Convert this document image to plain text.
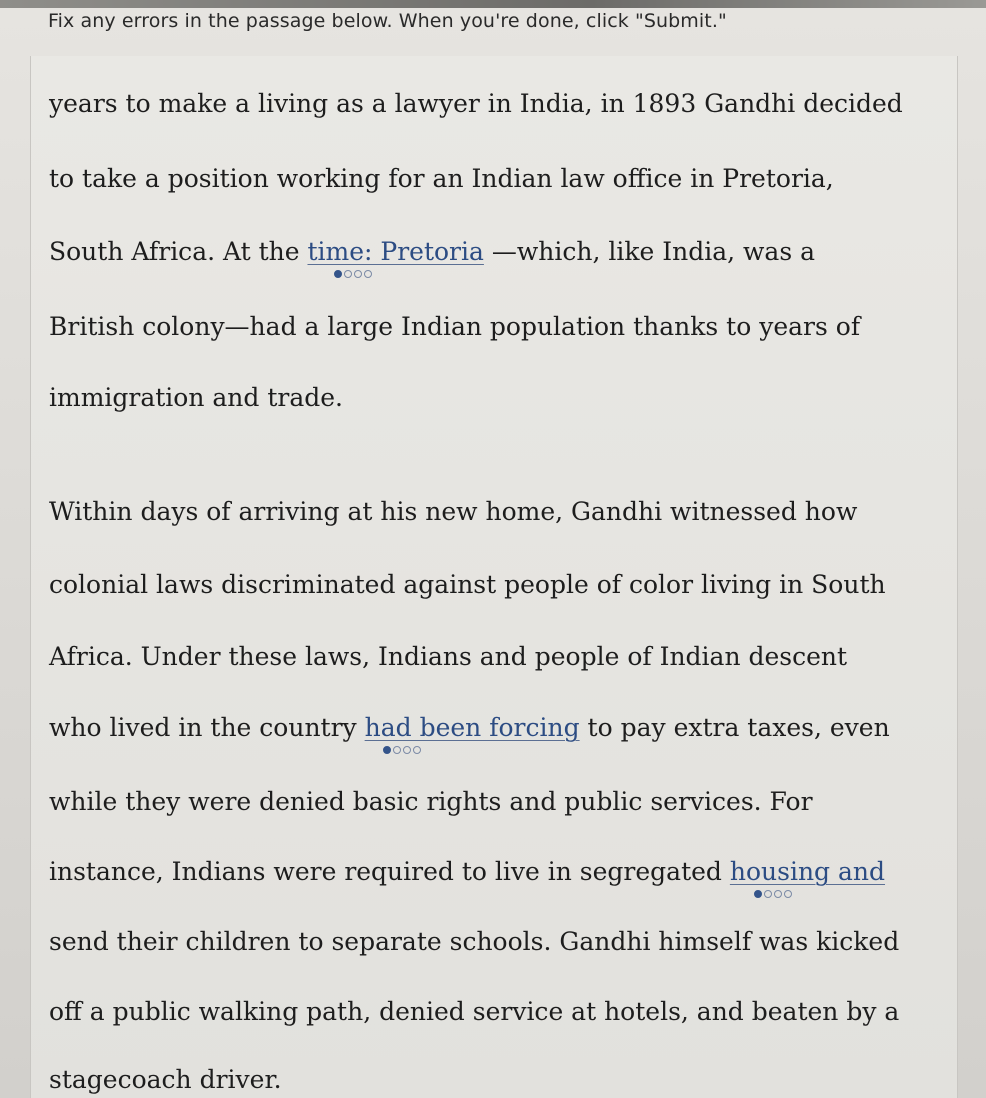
Fix any errors in the passage below. When you're done, click "Submit."
years to make a living as a lawyer in India, in 1893 Gandhi decided
to take a position working for an Indian law office in Pretoria,
South Africa. At the time: Pretoria —which, like India, was a
British colony—had a large Indian population thanks to years of
immigration and trade.
Within days of arriving at his new home, Gandhi witnessed how
colonial laws discriminated against people of color living in South
Africa. Under these laws, Indians and people of Indian descent
who lived in the country had been forcing to pay extra taxes, even
while they were denied basic rights and public services. For
instance, Indians were required to live in segregated housing and
send their children to separate schools. Gandhi himself was kicked
off a public walking path, denied service at hotels, and beaten by a
stagecoach driver.
